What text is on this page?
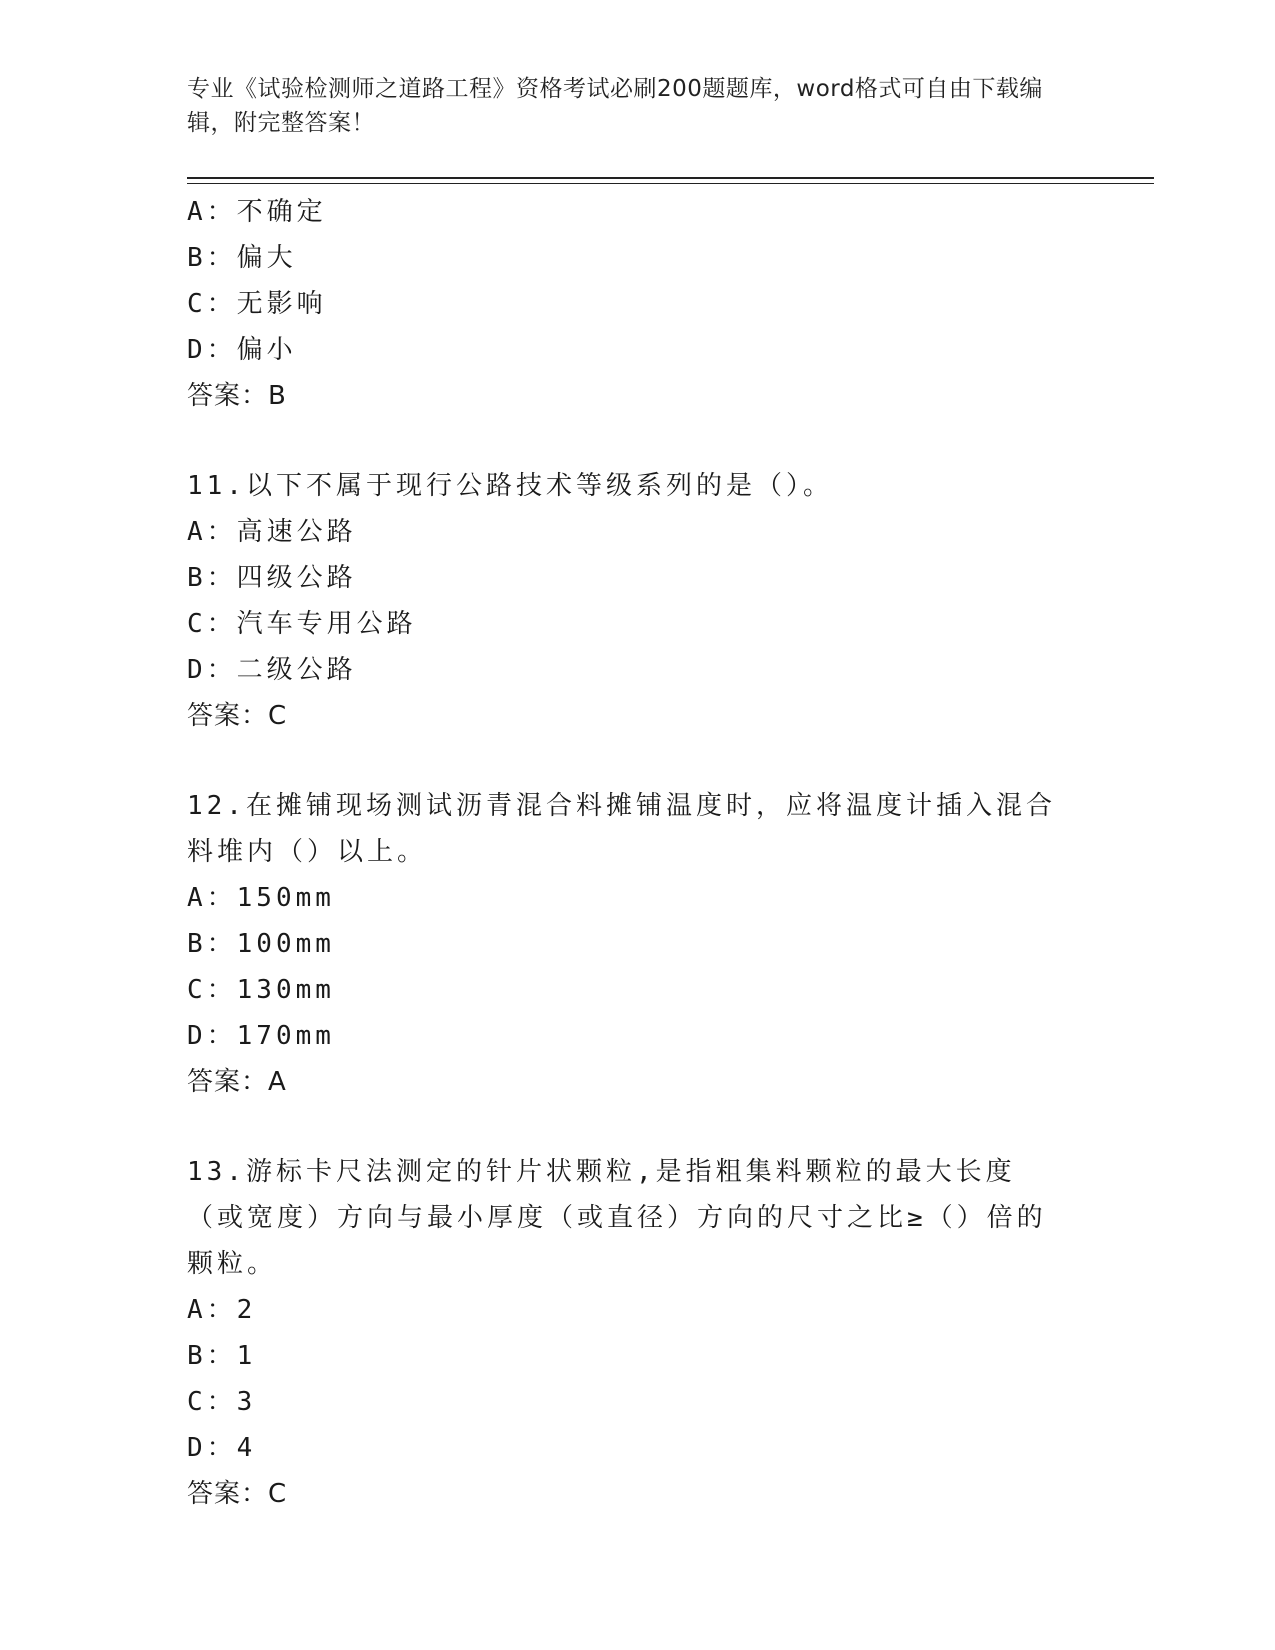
专业《试验检测师之道路工程》资格考试必刷200题题库，word格式可自由下载编辑，附完整答案！
A：不确定
B：偏大
C：无影响
D：偏小
答案：B
11.以下不属于现行公路技术等级系列的是（）。
A：高速公路
B：四级公路
C：汽车专用公路
D：二级公路
答案：C
12.在摊铺现场测试沥青混合料摊铺温度时，应将温度计插入混合料堆内（）以上。
A：150mm
B：100mm
C：130mm
D：170mm
答案：A
13.游标卡尺法测定的针片状颗粒,是指粗集料颗粒的最大长度（或宽度）方向与最小厚度（或直径）方向的尺寸之比≥（）倍的颗粒。
A：2
B：1
C：3
D：4
答案：C
